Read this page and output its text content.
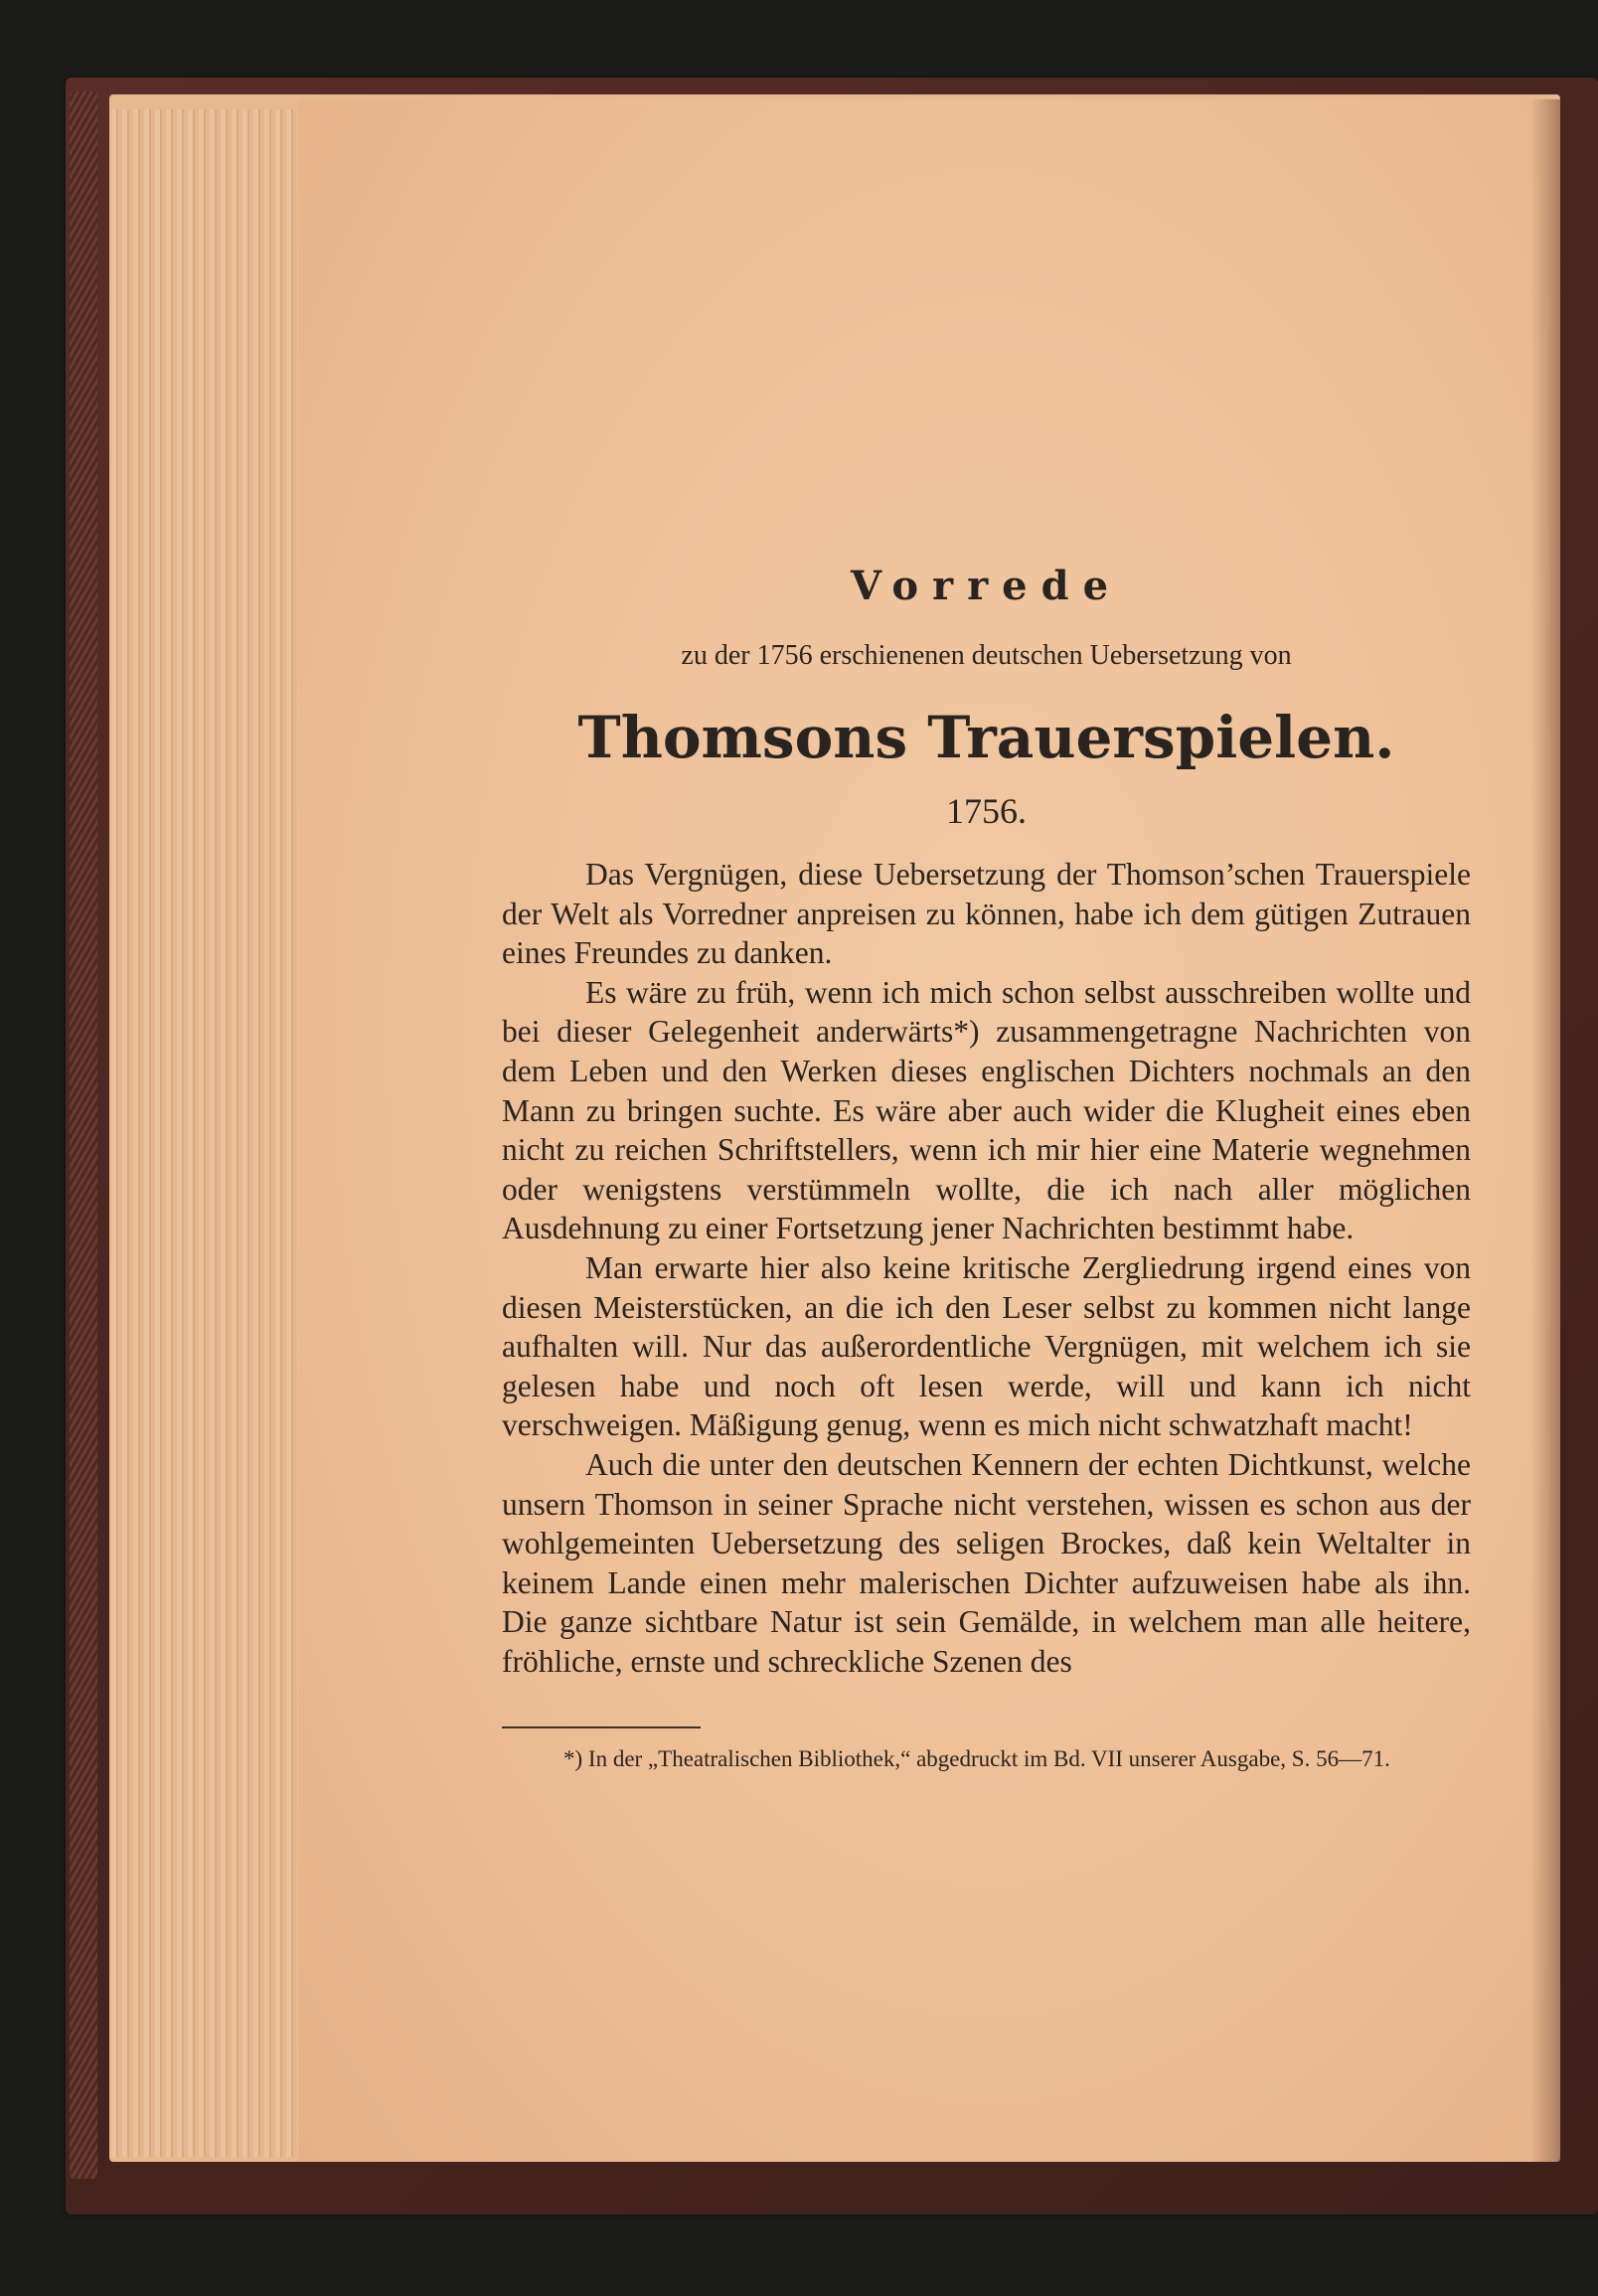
Vorrede
zu der 1756 erschienenen deutschen Uebersetzung von
Thomsons Trauerspielen.
1756.

Das Vergnügen, diese Uebersetzung der Thomson’schen Trauerspiele der Welt als Vorredner anpreisen zu können, habe ich dem gütigen Zutrauen eines Freundes zu danken.

Es wäre zu früh, wenn ich mich schon selbst ausschreiben wollte und bei dieser Gelegenheit anderwärts*) zusammengetragne Nachrichten von dem Leben und den Werken dieses englischen Dichters nochmals an den Mann zu bringen suchte. Es wäre aber auch wider die Klugheit eines eben nicht zu reichen Schriftstellers, wenn ich mir hier eine Materie wegnehmen oder wenigstens verstümmeln wollte, die ich nach aller möglichen Ausdehnung zu einer Fortsetzung jener Nachrichten bestimmt habe.

Man erwarte hier also keine kritische Zergliedrung irgend eines von diesen Meisterstücken, an die ich den Leser selbst zu kommen nicht lange aufhalten will. Nur das außerordentliche Vergnügen, mit welchem ich sie gelesen habe und noch oft lesen werde, will und kann ich nicht verschweigen. Mäßigung genug, wenn es mich nicht schwatzhaft macht!

Auch die unter den deutschen Kennern der echten Dichtkunst, welche unsern Thomson in seiner Sprache nicht verstehen, wissen es schon aus der wohlgemeinten Uebersetzung des seligen Brockes, daß kein Weltalter in keinem Lande einen mehr malerischen Dichter aufzuweisen habe als ihn. Die ganze sichtbare Natur ist sein Gemälde, in welchem man alle heitere, fröhliche, ernste und schreckliche Szenen des

*) In der „Theatralischen Bibliothek,“ abgedruckt im Bd. VII unserer Ausgabe, S. 56—71.
